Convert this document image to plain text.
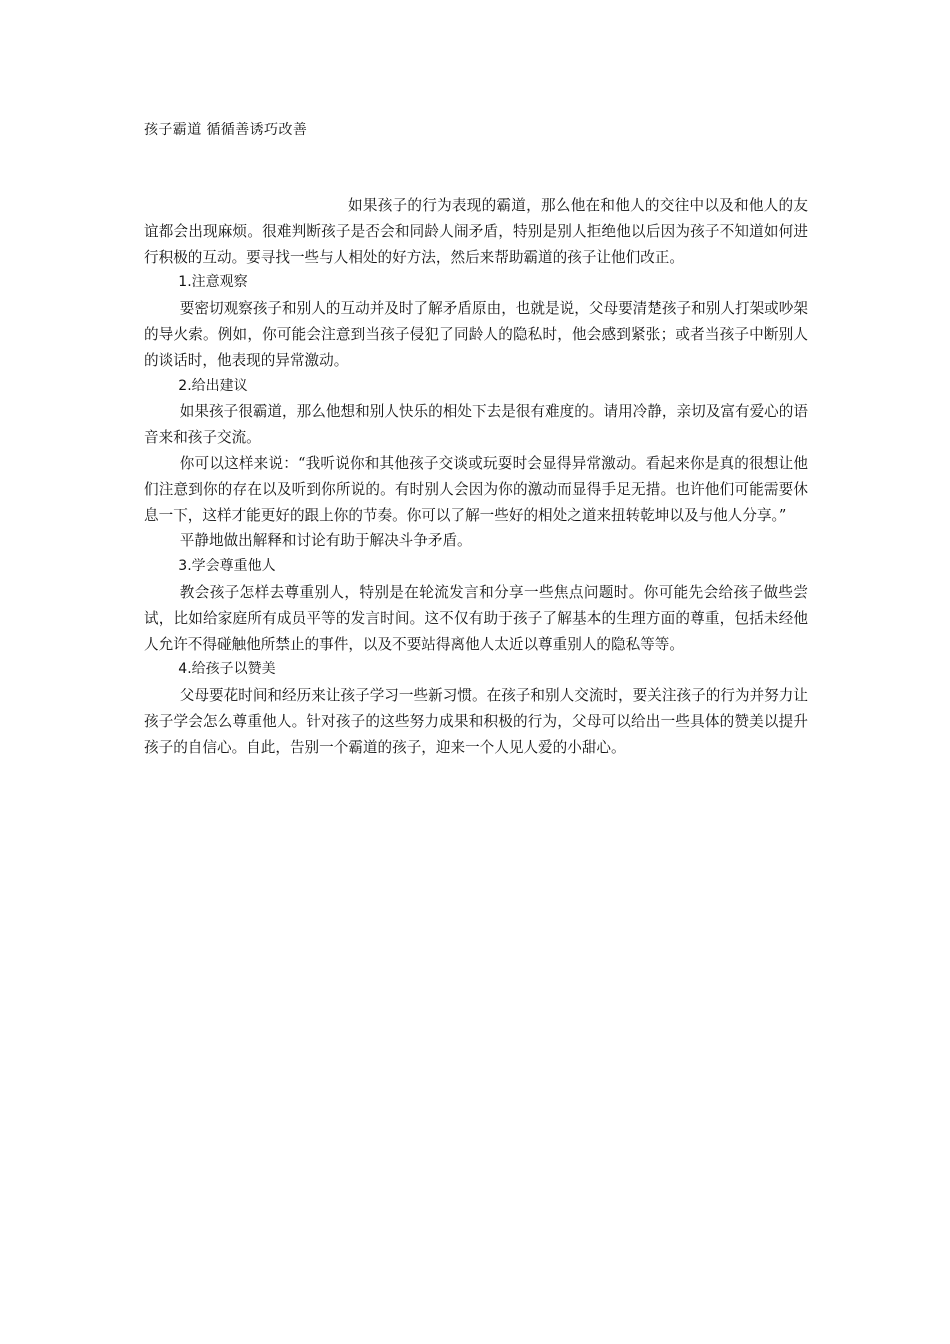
孩子霸道 循循善诱巧改善

如果孩子的行为表现的霸道，那么他在和他人的交往中以及和他人的友谊都会出现麻烦。很难判断孩子是否会和同龄人闹矛盾，特别是别人拒绝他以后因为孩子不知道如何进行积极的互动。要寻找一些与人相处的好方法，然后来帮助霸道的孩子让他们改正。

1.注意观察

要密切观察孩子和别人的互动并及时了解矛盾原由，也就是说，父母要清楚孩子和别人打架或吵架的导火索。例如，你可能会注意到当孩子侵犯了同龄人的隐私时，他会感到紧张；或者当孩子中断别人的谈话时，他表现的异常激动。

2.给出建议

如果孩子很霸道，那么他想和别人快乐的相处下去是很有难度的。请用冷静，亲切及富有爱心的语音来和孩子交流。

你可以这样来说：“我听说你和其他孩子交谈或玩耍时会显得异常激动。看起来你是真的很想让他们注意到你的存在以及听到你所说的。有时别人会因为你的激动而显得手足无措。也许他们可能需要休息一下，这样才能更好的跟上你的节奏。你可以了解一些好的相处之道来扭转乾坤以及与他人分享。”

平静地做出解释和讨论有助于解决斗争矛盾。

3.学会尊重他人

教会孩子怎样去尊重别人，特别是在轮流发言和分享一些焦点问题时。你可能先会给孩子做些尝试，比如给家庭所有成员平等的发言时间。这不仅有助于孩子了解基本的生理方面的尊重，包括未经他人允许不得碰触他所禁止的事件，以及不要站得离他人太近以尊重别人的隐私等等。

4.给孩子以赞美

父母要花时间和经历来让孩子学习一些新习惯。在孩子和别人交流时，要关注孩子的行为并努力让孩子学会怎么尊重他人。针对孩子的这些努力成果和积极的行为，父母可以给出一些具体的赞美以提升孩子的自信心。自此，告别一个霸道的孩子，迎来一个人见人爱的小甜心。
